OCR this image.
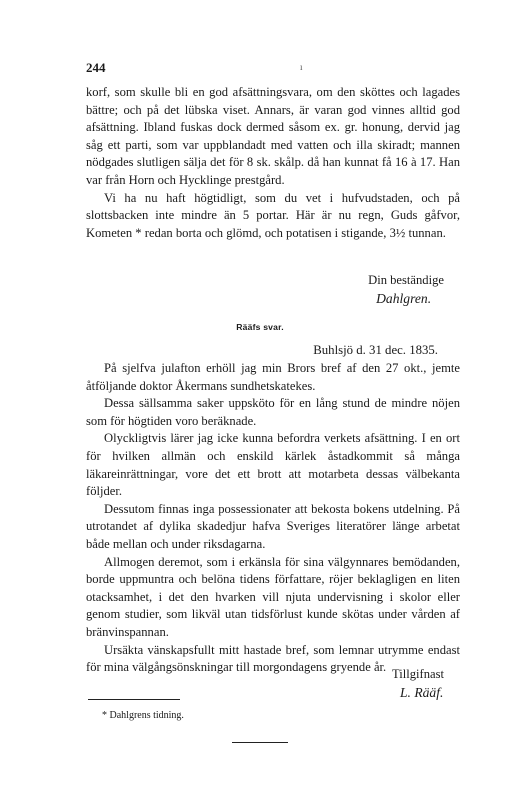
244	ı

korf, som skulle bli en god afsättningsvara, om den sköttes och lagades bättre; och på det lübska viset. Annars, är varan god vinnes alltid god afsättning. Ibland fuskas dock dermed såsom ex. gr. honung, dervid jag såg ett parti, som var uppblandadt med vatten och illa skiradt; mannen nödgades slutligen sälja det för 8 sk. skålp. då han kunnat få 16 à 17. Han var från Horn och Hycklinge prestgård.

Vi ha nu haft högtidligt, som du vet i hufvudstaden, och på slottsbacken inte mindre än 5 portar. Här är nu regn, Guds gåfvor, Kometen * redan borta och glömd, och potatisen i stigande, 3½ tunnan.

Din beständige

Dahlgren.

Rääfs svar.
Buhlsjö d. 31 dec. 1835.

På sjelfva julafton erhöll jag min Brors bref af den 27 okt., jemte åtföljande doktor Åkermans sundhetskatekes.

Dessa sällsamma saker uppsköto för en lång stund de mindre nöjen som för högtiden voro beräknade.

Olyckligtvis lärer jag icke kunna befordra verkets afsättning. I en ort för hvilken allmän och enskild kärlek åstadkommit så många läkareinrättningar, vore det ett brott att motarbeta dessas välbekanta följder.

Dessutom finnas inga possessionater att bekosta bokens utdelning. På utrotandet af dylika skadedjur hafva Sveriges literatörer länge arbetat både mellan och under riksdagarna.

Allmogen deremot, som i erkänsla för sina välgynnares bemödanden, borde uppmuntra och belöna tidens författare, röjer beklagligen en liten otacksamhet, i det den hvarken vill njuta undervisning i skolor eller genom studier, som likväl utan tidsförlust kunde skötas under vården af bränvinspannan.

Ursäkta vänskapsfullt mitt hastade bref, som lemnar utrymme endast för mina välgångsönskningar till morgondagens gryende år. Tillgifnast

L. Rääf.

* Dahlgrens tidning.
